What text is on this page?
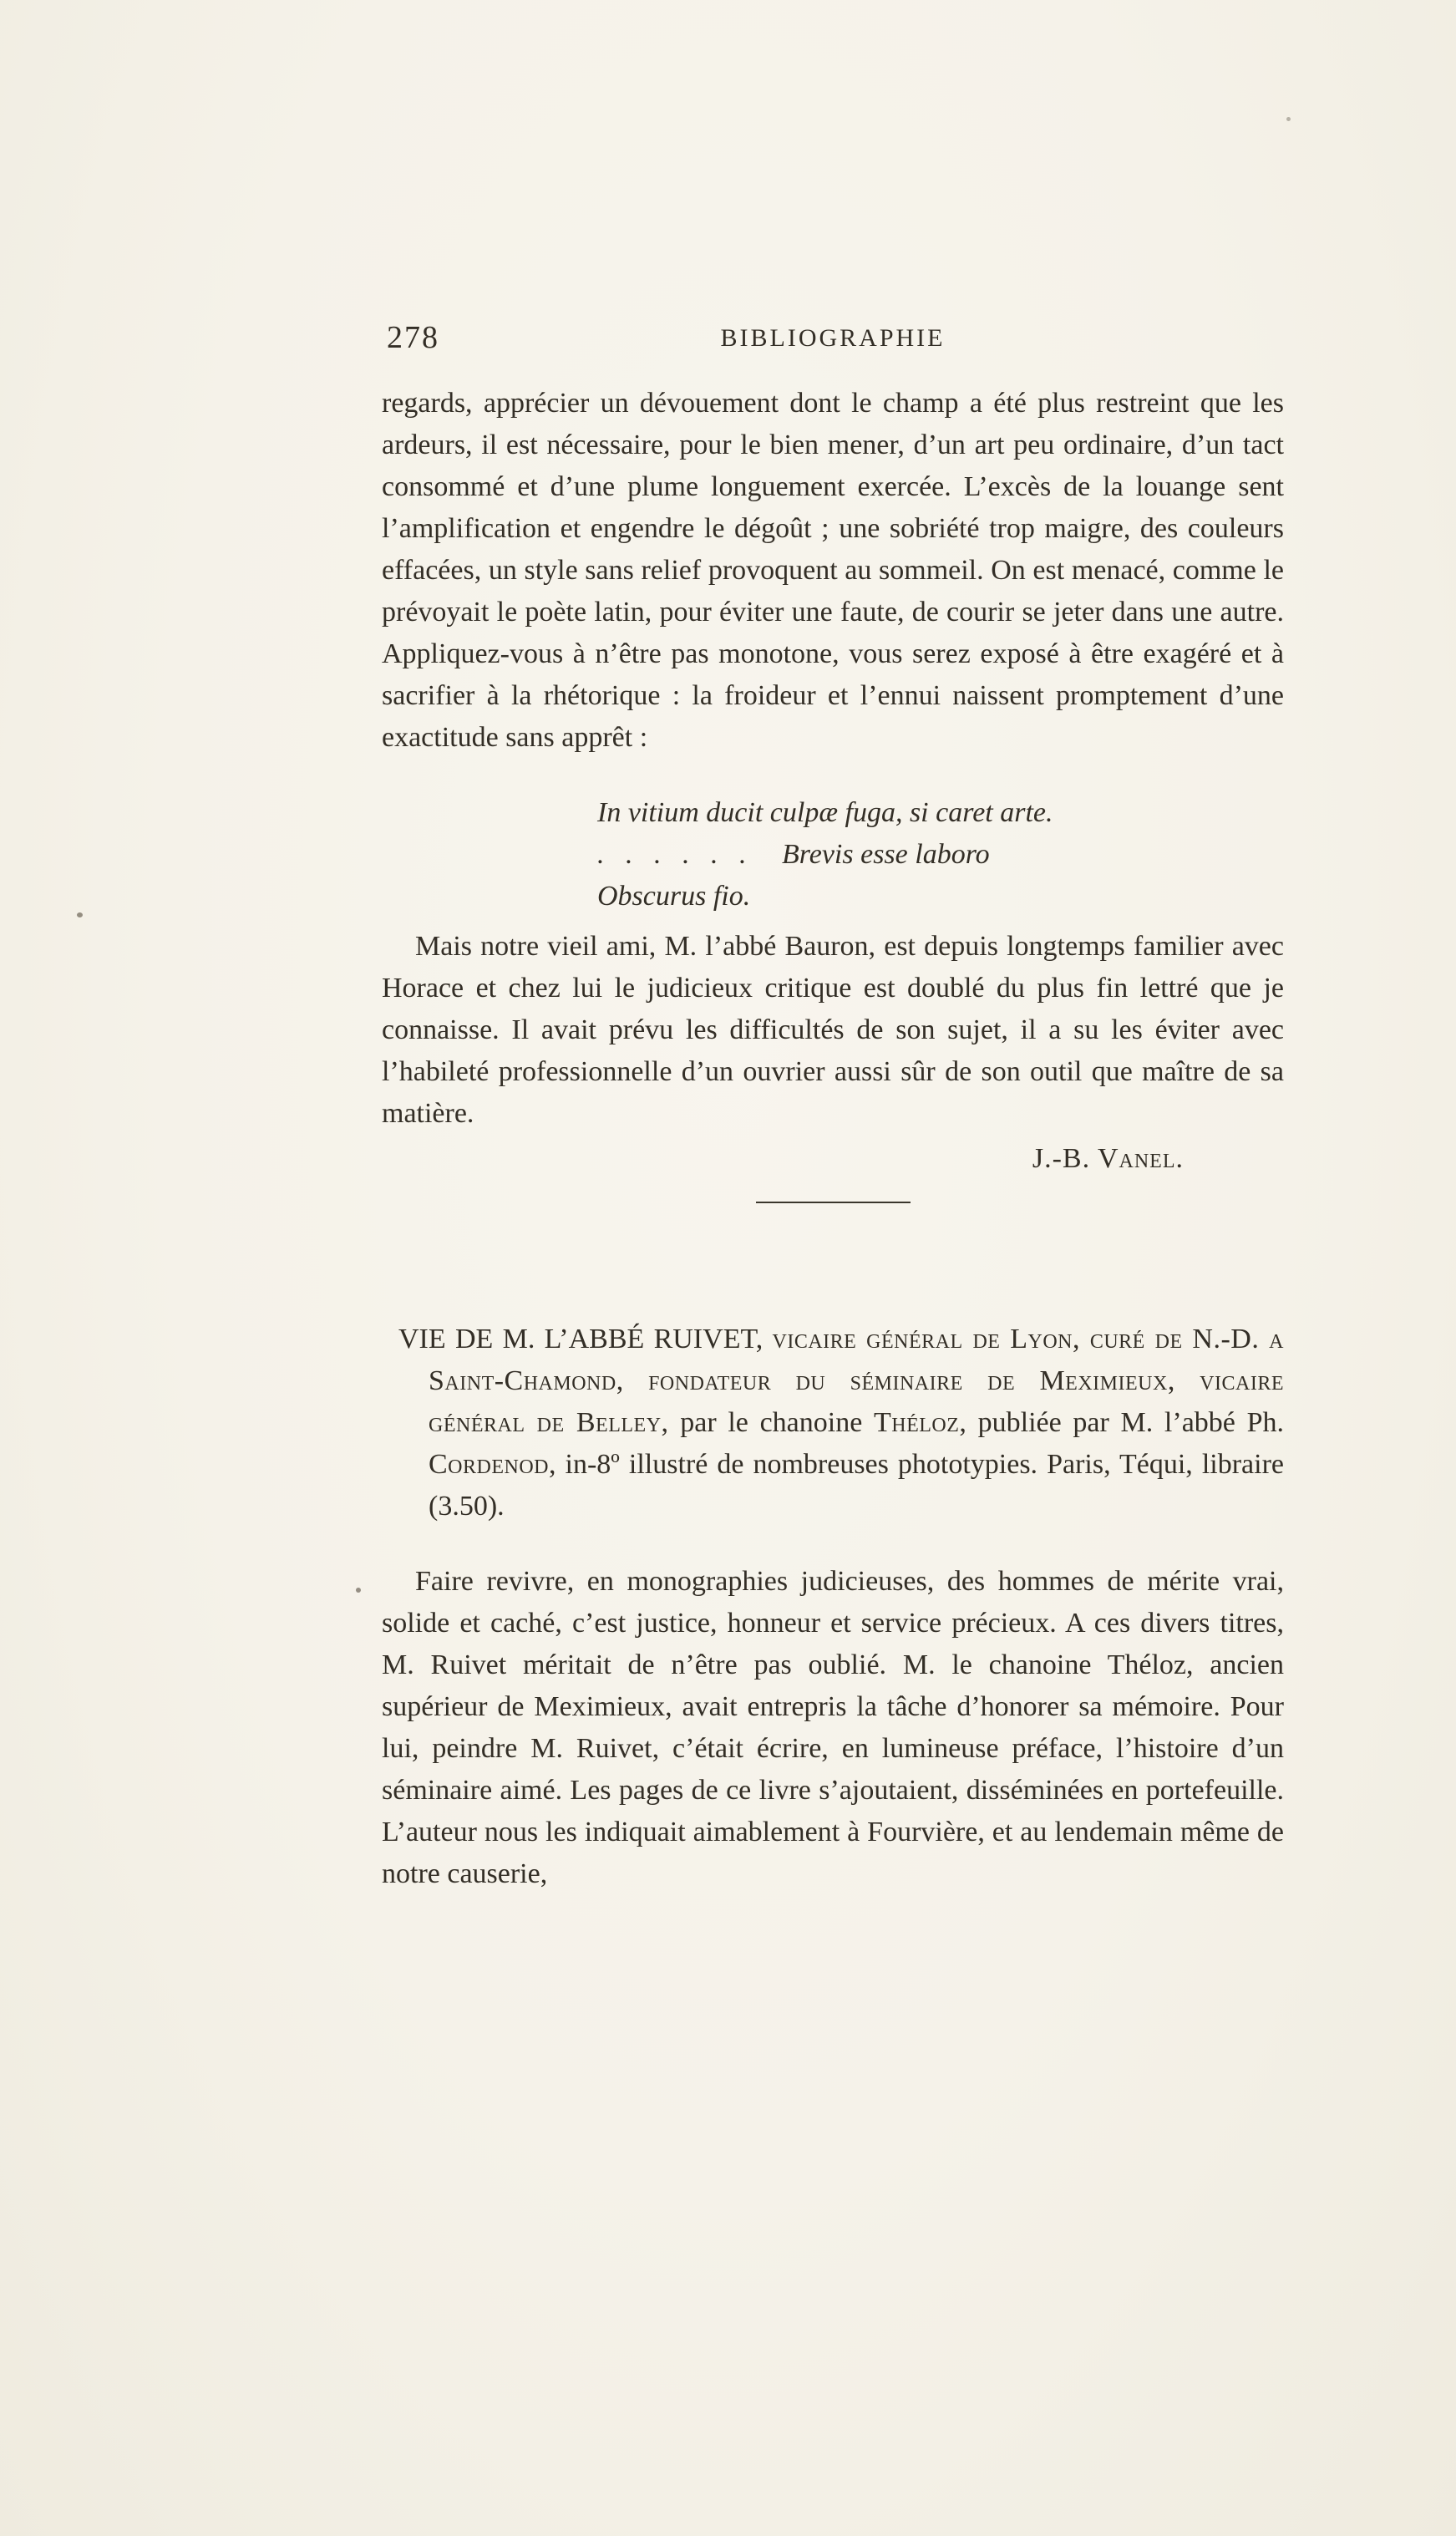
278	BIBLIOGRAPHIE

regards, apprécier un dévouement dont le champ a été plus restreint que les ardeurs, il est nécessaire, pour le bien mener, d’un art peu ordinaire, d’un tact consommé et d’une plume longuement exercée. L’excès de la louange sent l’amplification et engendre le dégoût ; une sobriété trop maigre, des couleurs effacées, un style sans relief provoquent au sommeil. On est menacé, comme le prévoyait le poète latin, pour éviter une faute, de courir se jeter dans une autre. Appliquez-vous à n’être pas monotone, vous serez exposé à être exagéré et à sacrifier à la rhétorique : la froideur et l’ennui naissent promptement d’une exactitude sans apprêt :

In vitium ducit culpæ fuga, si caret arte.
.   .   .   .   .   .     Brevis esse laboro
Obscurus fio.

Mais notre vieil ami, M. l’abbé Bauron, est depuis longtemps familier avec Horace et chez lui le judicieux critique est doublé du plus fin lettré que je connaisse. Il avait prévu les difficultés de son sujet, il a su les éviter avec l’habileté professionnelle d’un ouvrier aussi sûr de son outil que maître de sa matière.

J.-B. Vanel.

VIE DE M. L’ABBÉ RUIVET, vicaire général de Lyon, curé de N.-D. a Saint-Chamond, fondateur du séminaire de Meximieux, vicaire général de Belley, par le chanoine Théloz, publiée par M. l’abbé Ph. Cordenod, in-8º illustré de nombreuses phototypies. Paris, Téqui, libraire (3.50).

Faire revivre, en monographies judicieuses, des hommes de mérite vrai, solide et caché, c’est justice, honneur et service précieux. A ces divers titres, M. Ruivet méritait de n’être pas oublié. M. le chanoine Théloz, ancien supérieur de Meximieux, avait entrepris la tâche d’honorer sa mémoire. Pour lui, peindre M. Ruivet, c’était écrire, en lumineuse préface, l’histoire d’un séminaire aimé. Les pages de ce livre s’ajoutaient, disséminées en portefeuille. L’auteur nous les indiquait aimablement à Fourvière, et au lendemain même de notre causerie,
